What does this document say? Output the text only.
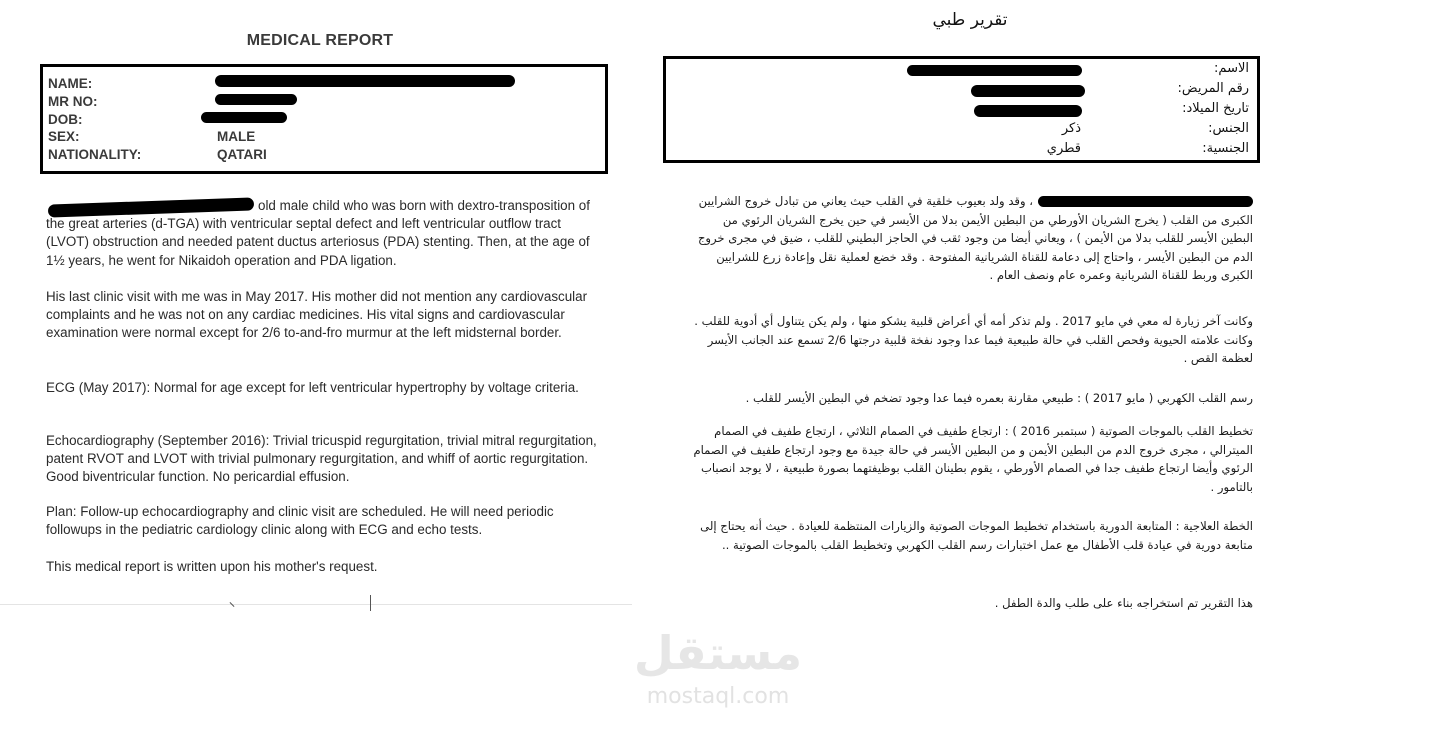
MEDICAL REPORT
NAME:
MR NO:
DOB:
SEX:	MALE
NATIONALITY:	QATARI

old male child who was born with dextro-transposition of the great arteries (d-TGA) with ventricular septal defect and left ventricular outflow tract (LVOT) obstruction and needed patent ductus arteriosus (PDA) stenting. Then, at the age of 1½ years, he went for Nikaidoh operation and PDA ligation.

His last clinic visit with me was in May 2017. His mother did not mention any cardiovascular complaints and he was not on any cardiac medicines. His vital signs and cardiovascular examination were normal except for 2/6 to-and-fro murmur at the left midsternal border.

ECG (May 2017): Normal for age except for left ventricular hypertrophy by voltage criteria.

Echocardiography (September 2016): Trivial tricuspid regurgitation, trivial mitral regurgitation, patent RVOT and LVOT with trivial pulmonary regurgitation, and whiff of aortic regurgitation. Good biventricular function. No pericardial effusion.

Plan: Follow-up echocardiography and clinic visit are scheduled. He will need periodic followups in the pediatric cardiology clinic along with ECG and echo tests.

This medical report is written upon his mother's request.

تقرير طبي
الاسم:
رقم المريض:
تاريخ الميلاد:
الجنس:
ذكر
الجنسية:
قطري

، وقد ولد بعيوب خلقية في القلب حيث يعاني من تبادل خروج الشرايين الكبرى من القلب ( يخرج الشريان الأورطي من البطين الأيمن بدلا من الأيسر في حين يخرج الشريان الرئوي من البطين الأيسر للقلب بدلا من الأيمن ) ، ويعاني أيضا من وجود ثقب في الحاجز البطيني للقلب ، ضيق في مجرى خروج الدم من البطين الأيسر ، واحتاج إلى دعامة للقناة الشريانية المفتوحة . وقد خضع لعملية نقل وإعادة زرع للشرايين الكبرى وربط للقناة الشريانية وعمره عام ونصف العام .

وكانت آخر زيارة له معي في مايو 2017 . ولم تذكر أمه أي أعراض قلبية يشكو منها ، ولم يكن يتناول أي أدوية للقلب . وكانت علامته الحيوية وفحص القلب في حالة طبيعية فيما عدا وجود نفخة قلبية درجتها 2/6 تسمع عند الجانب الأيسر لعظمة القص .

رسم القلب الكهربي ( مايو 2017 ) : طبيعي مقارنة بعمره فيما عدا وجود تضخم في البطين الأيسر للقلب .

تخطيط القلب بالموجات الصوتية ( سبتمبر 2016 ) : ارتجاع طفيف في الصمام الثلاثي ، ارتجاع طفيف في الصمام الميترالي ، مجرى خروج الدم من البطين الأيمن و من البطين الأيسر في حالة جيدة مع وجود ارتجاع طفيف في الصمام الرئوي وأيضا ارتجاع طفيف جدا في الصمام الأورطي ، يقوم بطينان القلب بوظيفتهما بصورة طبيعية ، لا يوجد انصباب بالتامور .

الخطة العلاجية : المتابعة الدورية باستخدام تخطيط الموجات الصوتية والزيارات المنتظمة للعيادة . حيث أنه يحتاج إلى متابعة دورية في عيادة قلب الأطفال مع عمل اختبارات رسم القلب الكهربي وتخطيط القلب بالموجات الصوتية ..

هذا التقرير تم استخراجه بناء على طلب والدة الطفل .

مستقل
mostaql.com
